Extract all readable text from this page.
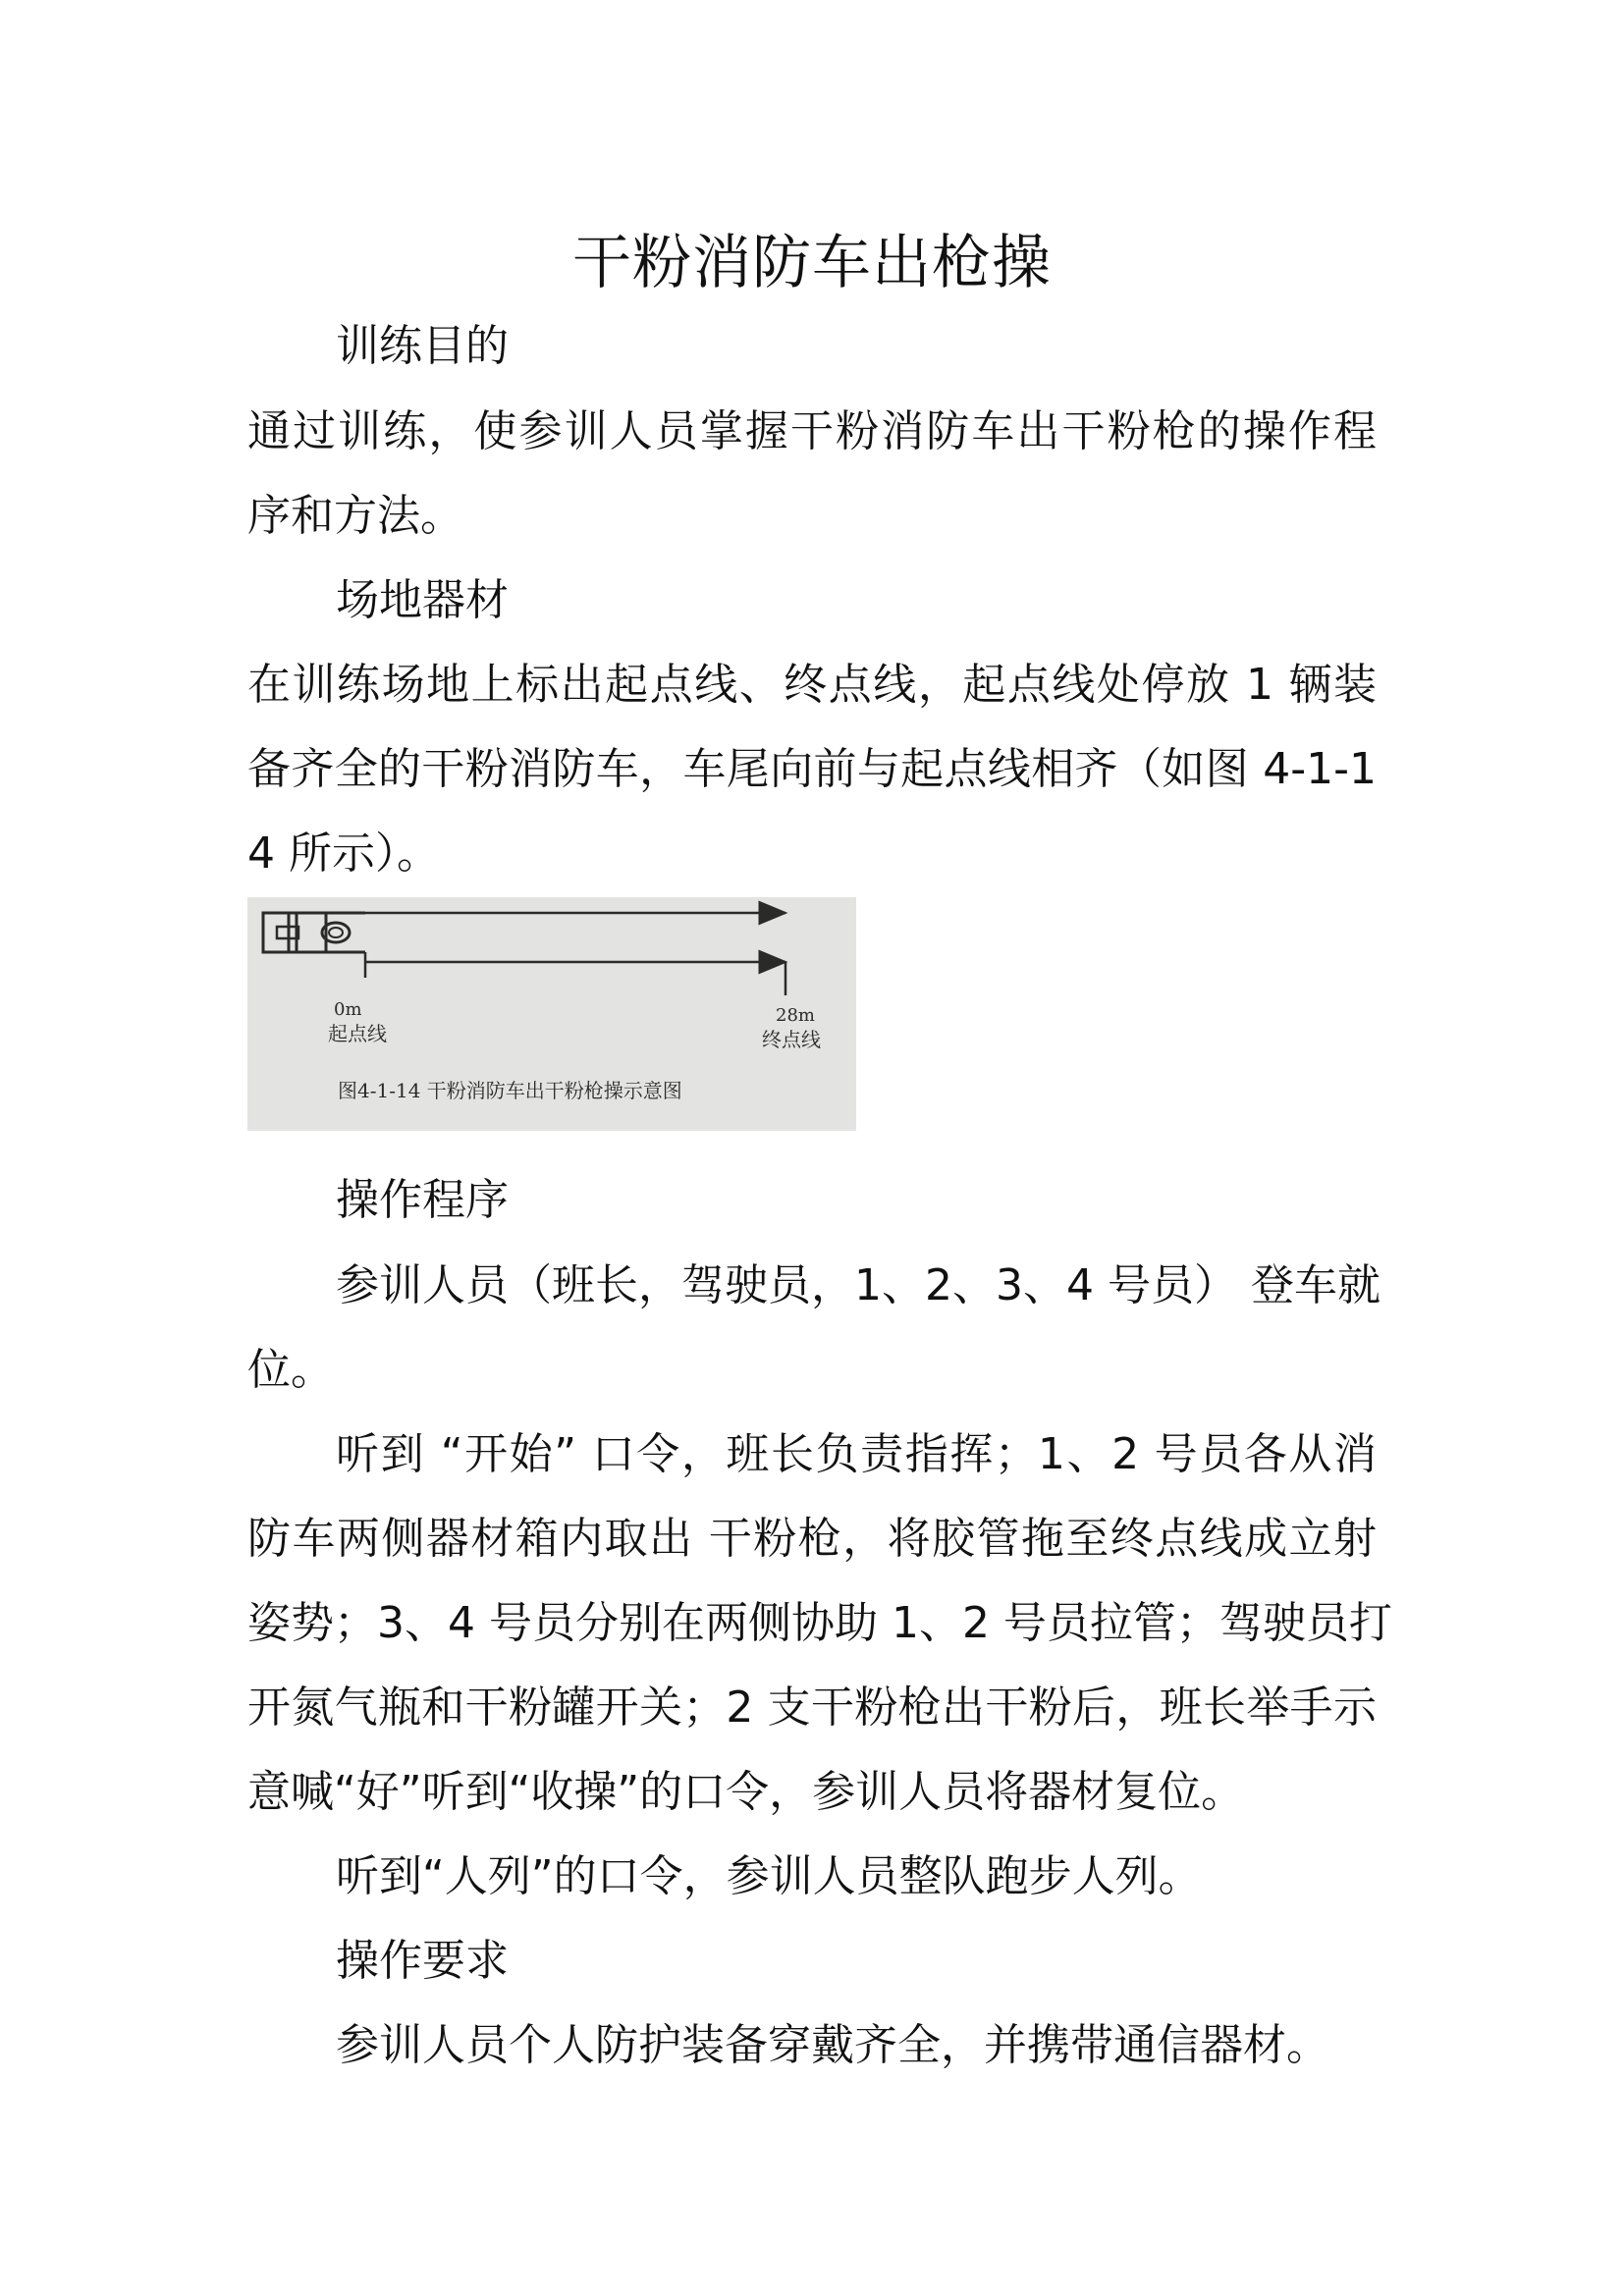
干粉消防车出枪操
训练目的
通过训练，使参训人员掌握干粉消防车出干粉枪的操作程
序和方法。
场地器材
在训练场地上标出起点线、终点线，起点线处停放 1 辆装
备齐全的干粉消防车，车尾向前与起点线相齐（如图 4-1-1
4 所示）。
0m
起点线
28m
终点线
图4-1-14 干粉消防车出干粉枪操示意图
操作程序
参训人员（班长，驾驶员，1、2、3、4 号员） 登车就
位。
听到 “开始” 口令，班长负责指挥；1、2 号员各从消
防车两侧器材箱内取出 干粉枪，将胶管拖至终点线成立射
姿势；3、4 号员分别在两侧协助 1、2 号员拉管；驾驶员打
开氮气瓶和干粉罐开关；2 支干粉枪出干粉后，班长举手示
意喊“好”听到“收操”的口令，参训人员将器材复位。
听到“人列”的口令，参训人员整队跑步人列。
操作要求
参训人员个人防护装备穿戴齐全，并携带通信器材。
